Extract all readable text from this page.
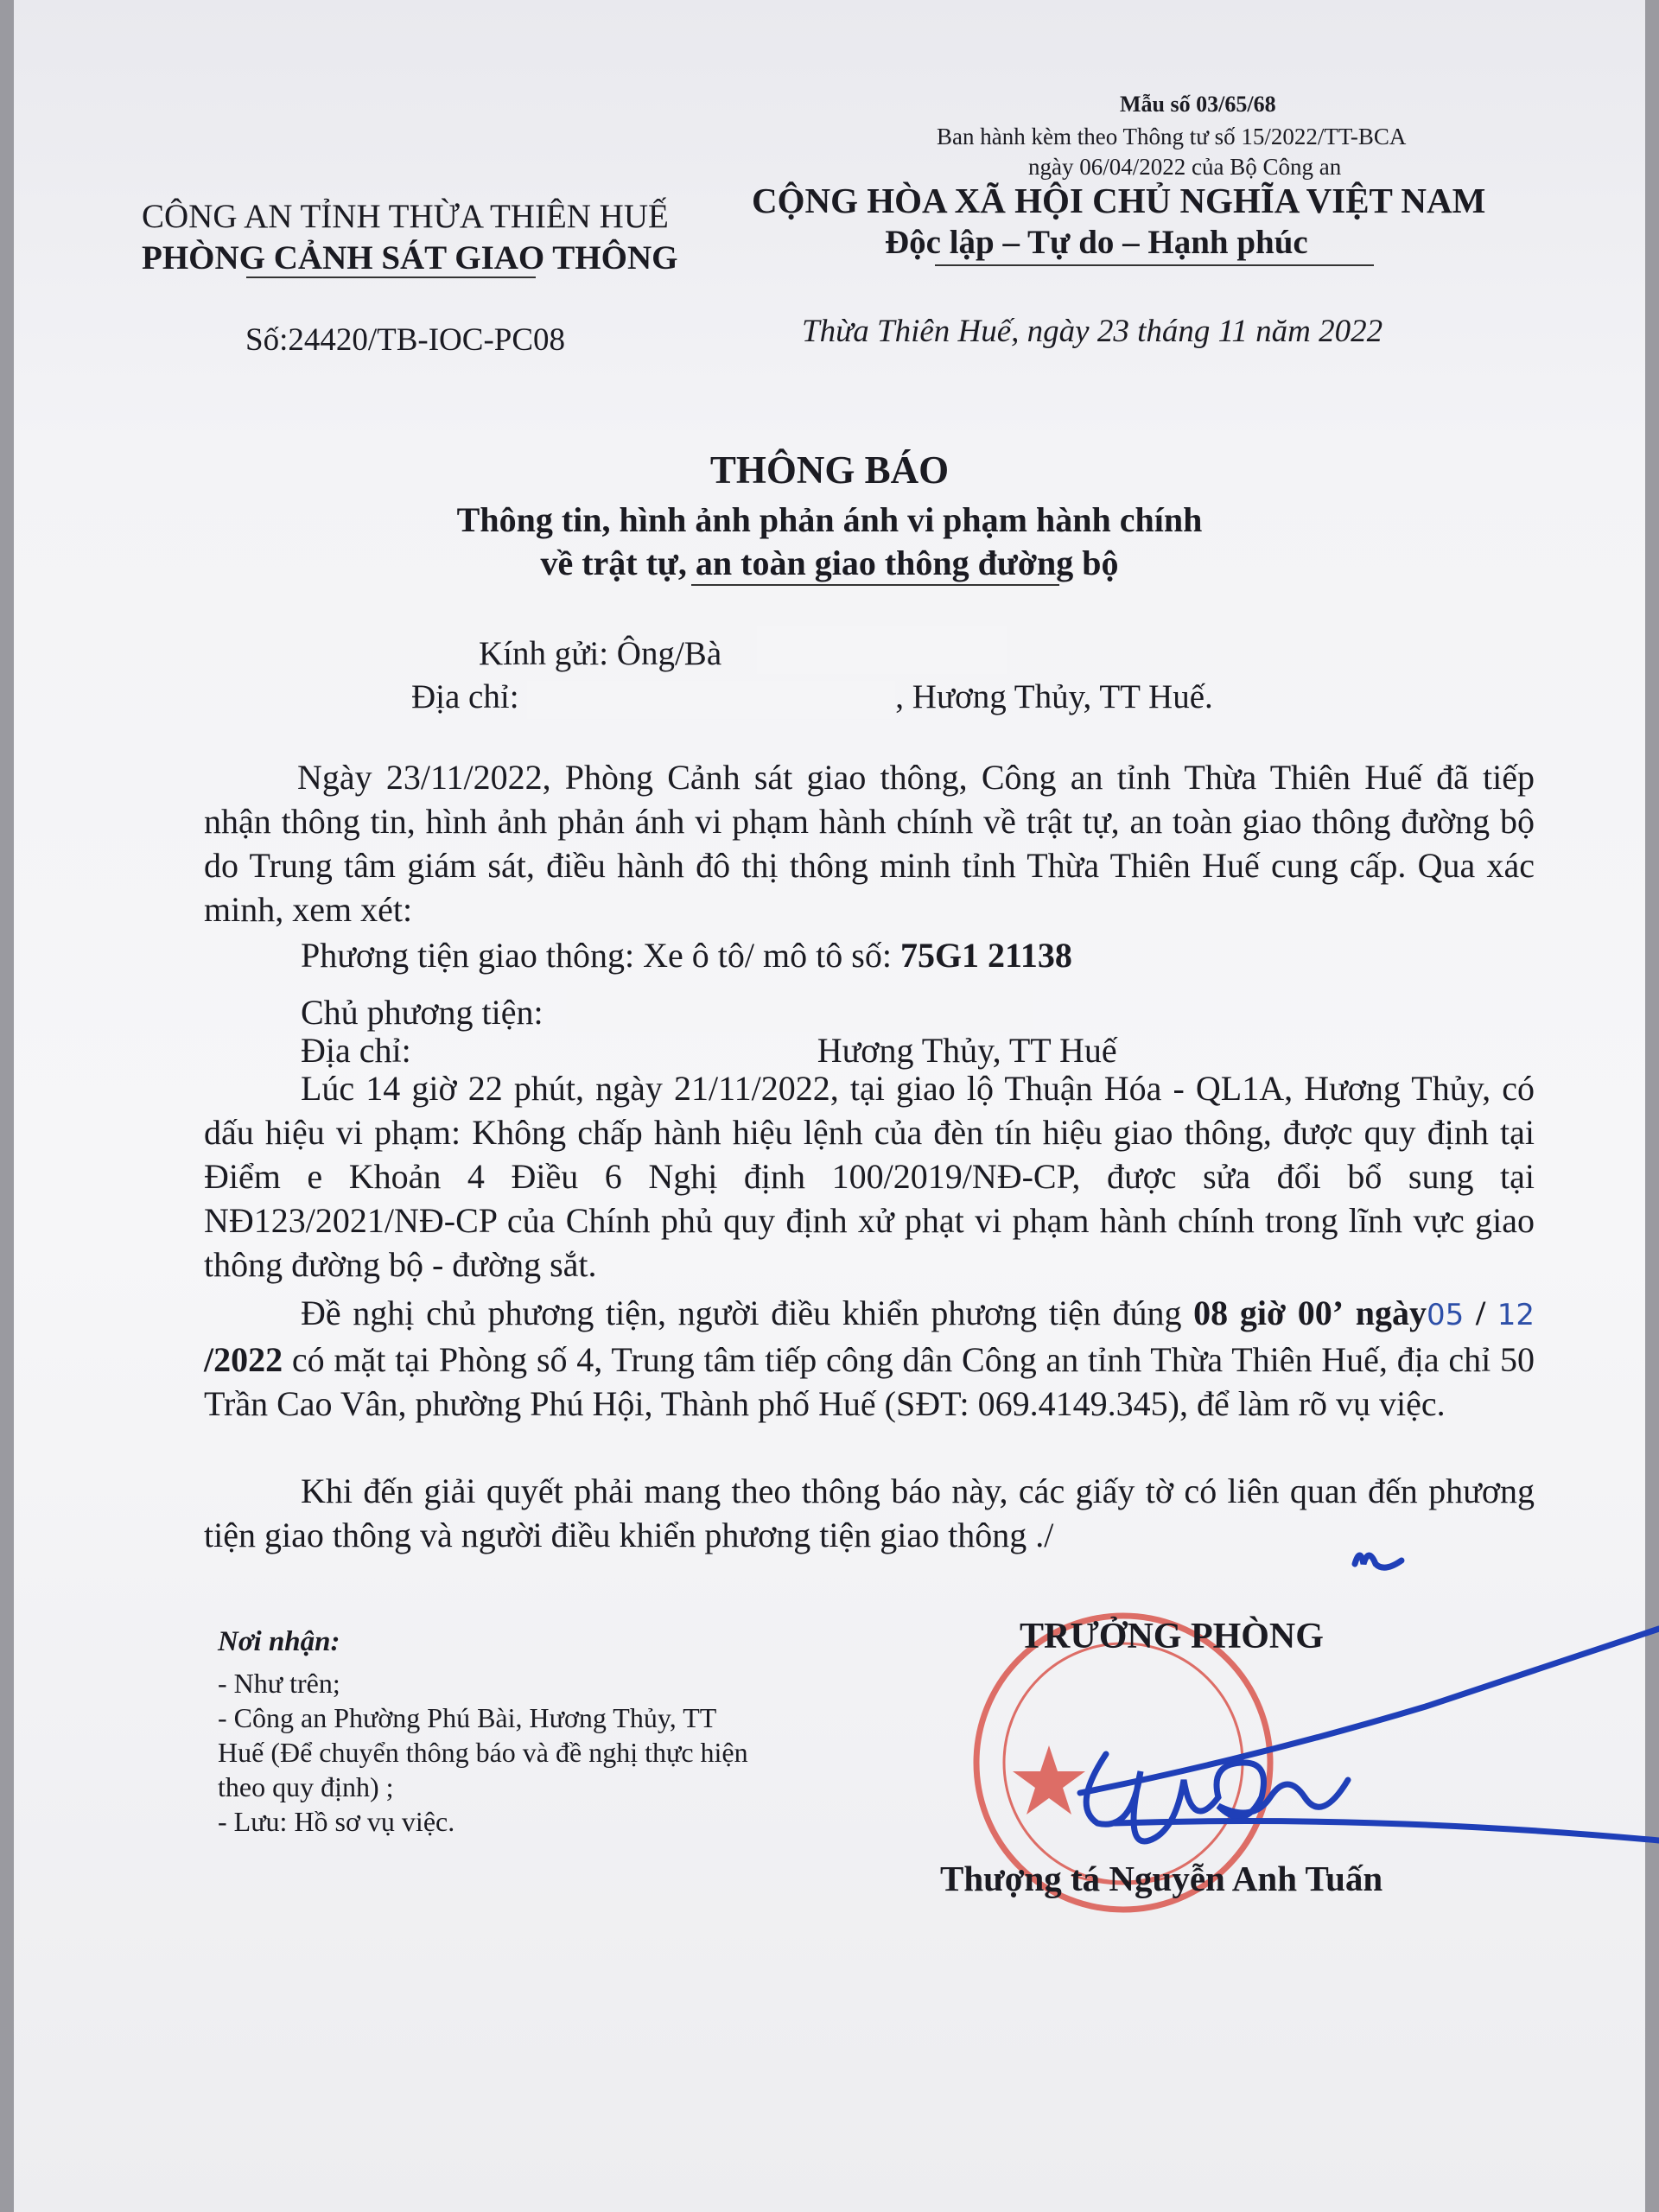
Mẫu số 03/65/68
Ban hành kèm theo Thông tư số 15/2022/TT-BCA
ngày 06/04/2022 của Bộ Công an
CÔNG AN TỈNH THỪA THIÊN HUẾ
PHÒNG CẢNH SÁT GIAO THÔNG
CỘNG HÒA XÃ HỘI CHỦ NGHĨA VIỆT NAM
Độc lập – Tự do – Hạnh phúc
Số:24420/TB-IOC-PC08	Thừa Thiên Huế, ngày 23 tháng 11 năm 2022
THÔNG BÁO
Thông tin, hình ảnh phản ánh vi phạm hành chính
về trật tự, an toàn giao thông đường bộ
Kính gửi: Ông/Bà
Địa chỉ:	, Hương Thủy, TT Huế.
Ngày 23/11/2022, Phòng Cảnh sát giao thông, Công an tỉnh Thừa Thiên Huế đã tiếp nhận thông tin, hình ảnh phản ánh vi phạm hành chính về trật tự, an toàn giao thông đường bộ do Trung tâm giám sát, điều hành đô thị thông minh tỉnh Thừa Thiên Huế cung cấp. Qua xác minh, xem xét:
Phương tiện giao thông: Xe ô tô/ mô tô số: 75G1 21138
Chủ phương tiện:
Địa chỉ:	Hương Thủy, TT Huế
Lúc 14 giờ 22 phút, ngày 21/11/2022, tại giao lộ Thuận Hóa - QL1A, Hương Thủy, có dấu hiệu vi phạm: Không chấp hành hiệu lệnh của đèn tín hiệu giao thông, được quy định tại Điểm e Khoản 4 Điều 6 Nghị định 100/2019/NĐ-CP, được sửa đổi bổ sung tại NĐ123/2021/NĐ-CP của Chính phủ quy định xử phạt vi phạm hành chính trong lĩnh vực giao thông đường bộ - đường sắt.
Đề nghị chủ phương tiện, người điều khiển phương tiện đúng 08 giờ 00’ ngày05 / 12 /2022 có mặt tại Phòng số 4, Trung tâm tiếp công dân Công an tỉnh Thừa Thiên Huế, địa chỉ 50 Trần Cao Vân, phường Phú Hội, Thành phố Huế (SĐT: 069.4149.345), để làm rõ vụ việc.
Khi đến giải quyết phải mang theo thông báo này, các giấy tờ có liên quan đến phương tiện giao thông và người điều khiển phương tiện giao thông ./
Nơi nhận:
- Như trên;
- Công an Phường Phú Bài, Hương Thủy, TT
Huế (Để chuyển thông báo và đề nghị thực hiện
theo quy định) ;
- Lưu: Hồ sơ vụ việc.
TRƯỞNG PHÒNG
Thượng tá Nguyễn Anh Tuấn
